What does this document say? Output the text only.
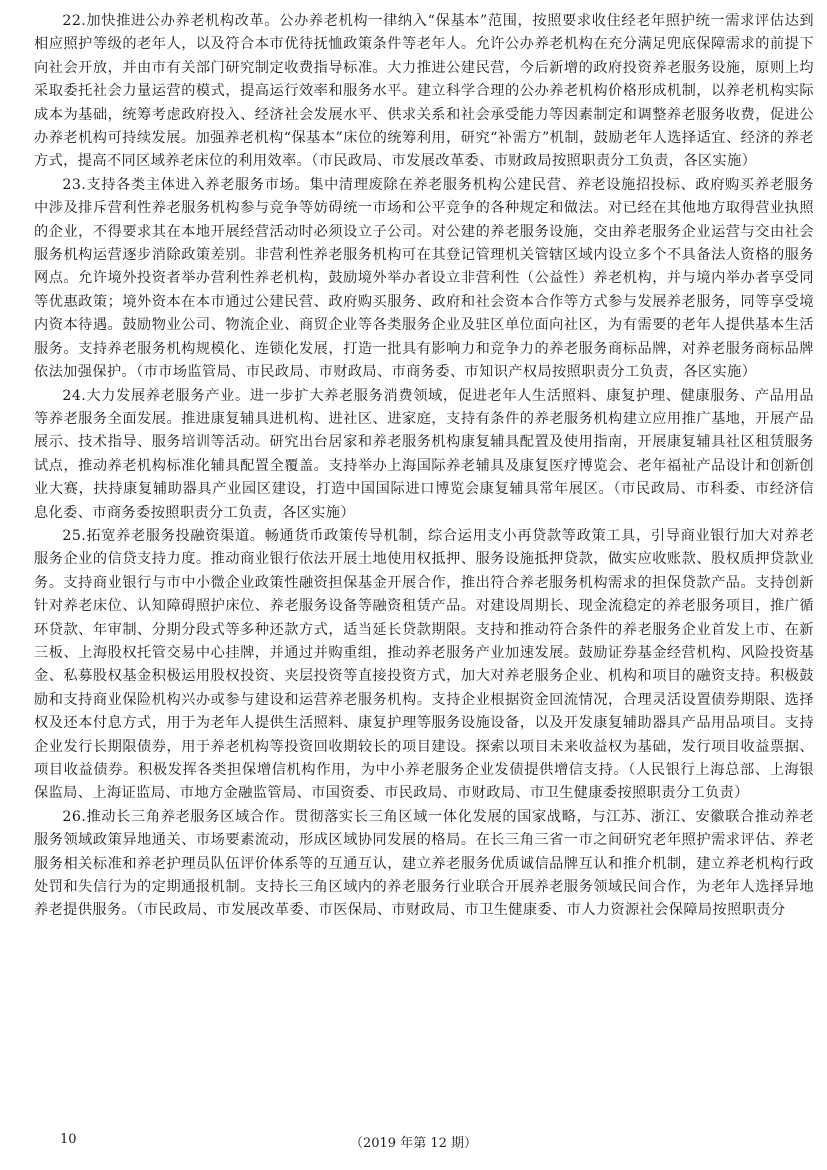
22.加快推进公办养老机构改革。公办养老机构一律纳入“保基本”范围，按照要求收住经老年照护统一需求评估达到相应照护等级的老年人，以及符合本市优待抚恤政策条件等老年人。允许公办养老机构在充分满足兜底保障需求的前提下向社会开放，并由市有关部门研究制定收费指导标准。大力推进公建民营，今后新增的政府投资养老服务设施，原则上均采取委托社会力量运营的模式，提高运行效率和服务水平。建立科学合理的公办养老机构价格形成机制，以养老机构实际成本为基础，统筹考虑政府投入、经济社会发展水平、供求关系和社会承受能力等因素制定和调整养老服务收费，促进公办养老机构可持续发展。加强养老机构“保基本”床位的统筹利用，研究“补需方”机制，鼓励老年人选择适宜、经济的养老方式，提高不同区域养老床位的利用效率。（市民政局、市发展改革委、市财政局按照职责分工负责，各区实施）

23.支持各类主体进入养老服务市场。集中清理废除在养老服务机构公建民营、养老设施招投标、政府购买养老服务中涉及排斥营利性养老服务机构参与竞争等妨碍统一市场和公平竞争的各种规定和做法。对已经在其他地方取得营业执照的企业，不得要求其在本地开展经营活动时必须设立子公司。对公建的养老服务设施，交由养老服务企业运营与交由社会服务机构运营逐步消除政策差别。非营利性养老服务机构可在其登记管理机关管辖区域内设立多个不具备法人资格的服务网点。允许境外投资者举办营利性养老机构，鼓励境外举办者设立非营利性（公益性）养老机构，并与境内举办者享受同等优惠政策；境外资本在本市通过公建民营、政府购买服务、政府和社会资本合作等方式参与发展养老服务，同等享受境内资本待遇。鼓励物业公司、物流企业、商贸企业等各类服务企业及驻区单位面向社区，为有需要的老年人提供基本生活服务。支持养老服务机构规模化、连锁化发展，打造一批具有影响力和竞争力的养老服务商标品牌，对养老服务商标品牌依法加强保护。（市市场监管局、市民政局、市财政局、市商务委、市知识产权局按照职责分工负责，各区实施）

24.大力发展养老服务产业。进一步扩大养老服务消费领域，促进老年人生活照料、康复护理、健康服务、产品用品等养老服务全面发展。推进康复辅具进机构、进社区、进家庭，支持有条件的养老服务机构建立应用推广基地，开展产品展示、技术指导、服务培训等活动。研究出台居家和养老服务机构康复辅具配置及使用指南，开展康复辅具社区租赁服务试点，推动养老机构标准化辅具配置全覆盖。支持举办上海国际养老辅具及康复医疗博览会、老年福祉产品设计和创新创业大赛，扶持康复辅助器具产业园区建设，打造中国国际进口博览会康复辅具常年展区。（市民政局、市科委、市经济信息化委、市商务委按照职责分工负责，各区实施）

25.拓宽养老服务投融资渠道。畅通货币政策传导机制，综合运用支小再贷款等政策工具，引导商业银行加大对养老服务企业的信贷支持力度。推动商业银行依法开展土地使用权抵押、服务设施抵押贷款，做实应收账款、股权质押贷款业务。支持商业银行与市中小微企业政策性融资担保基金开展合作，推出符合养老服务机构需求的担保贷款产品。支持创新针对养老床位、认知障碍照护床位、养老服务设备等融资租赁产品。对建设周期长、现金流稳定的养老服务项目，推广循环贷款、年审制、分期分段式等多种还款方式，适当延长贷款期限。支持和推动符合条件的养老服务企业首发上市、在新三板、上海股权托管交易中心挂牌，并通过并购重组，推动养老服务产业加速发展。鼓励证券基金经营机构、风险投资基金、私募股权基金积极运用股权投资、夹层投资等直接投资方式，加大对养老服务企业、机构和项目的融资支持。积极鼓励和支持商业保险机构兴办或参与建设和运营养老服务机构。支持企业根据资金回流情况，合理灵活设置债券期限、选择权及还本付息方式，用于为老年人提供生活照料、康复护理等服务设施设备，以及开发康复辅助器具产品用品项目。支持企业发行长期限债券，用于养老机构等投资回收期较长的项目建设。探索以项目未来收益权为基础，发行项目收益票据、项目收益债券。积极发挥各类担保增信机构作用，为中小养老服务企业发债提供增信支持。（人民银行上海总部、上海银保监局、上海证监局、市地方金融监管局、市国资委、市民政局、市财政局、市卫生健康委按照职责分工负责）

26.推动长三角养老服务区域合作。贯彻落实长三角区域一体化发展的国家战略，与江苏、浙江、安徽联合推动养老服务领域政策异地通关、市场要素流动，形成区域协同发展的格局。在长三角三省一市之间研究老年照护需求评估、养老服务相关标准和养老护理员队伍评价体系等的互通互认，建立养老服务优质诚信品牌互认和推介机制，建立养老机构行政处罚和失信行为的定期通报机制。支持长三角区域内的养老服务行业联合开展养老服务领域民间合作，为老年人选择异地养老提供服务。（市民政局、市发展改革委、市医保局、市财政局、市卫生健康委、市人力资源社会保障局按照职责分

10	（2019 年第 12 期）
